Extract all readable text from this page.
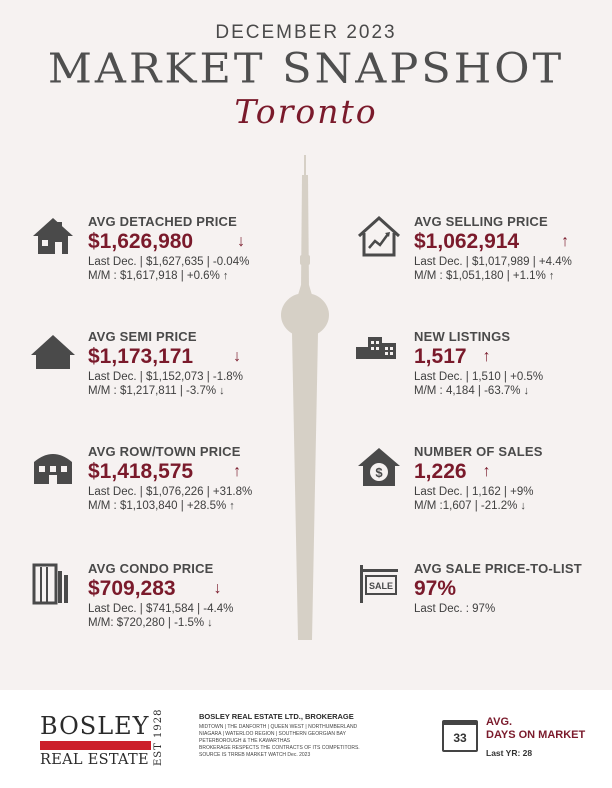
DECEMBER 2023
MARKET SNAPSHOT
Toronto
AVG DETACHED PRICE
$1,626,980	↓
Last Dec. | $1,627,635 | -0.04%
M/M : $1,617,918 | +0.6% ↑
AVG SEMI PRICE
$1,173,171	↓
Last Dec. | $1,152,073 | -1.8%
M/M : $1,217,811 | -3.7% ↓
AVG ROW/TOWN PRICE
$1,418,575	↑
Last Dec. | $1,076,226 | +31.8%
M/M : $1,103,840 | +28.5% ↑
AVG CONDO PRICE
$709,283 ↓
Last Dec. | $741,584 | -4.4%
M/M: $720,280 | -1.5% ↓
AVG SELLING PRICE
$1,062,914	↑
Last Dec. | $1,017,989 | +4.4%
M/M : $1,051,180 | +1.1% ↑
NEW LISTINGS
1,517 ↑
Last Dec. | 1,510 | +0.5%
M/M : 4,184 | -63.7% ↓
$
NUMBER OF SALES
1,226 ↑
Last Dec. | 1,162 | +9%
M/M :1,607 | -21.2% ↓
SALE
AVG SALE PRICE-TO-LIST
97%
Last Dec. : 97%
BOSLEY
REAL ESTATE EST 1928	BOSLEY REAL ESTATE LTD., BROKERAGE
MIDTOWN | THE DANFORTH | QUEEN WEST | NORTHUMBERLAND
NIAGARA | WATERLOO REGION | SOUTHERN GEORGIAN BAY
PETERBOROUGH & THE KAWARTHAS
BROKERAGE RESPECTS THE CONTRACTS OF ITS COMPETITORS.
SOURCE IS TRREB MARKET WATCH Dec. 2023
33
AVG.
DAYS ON MARKET
Last YR: 28
